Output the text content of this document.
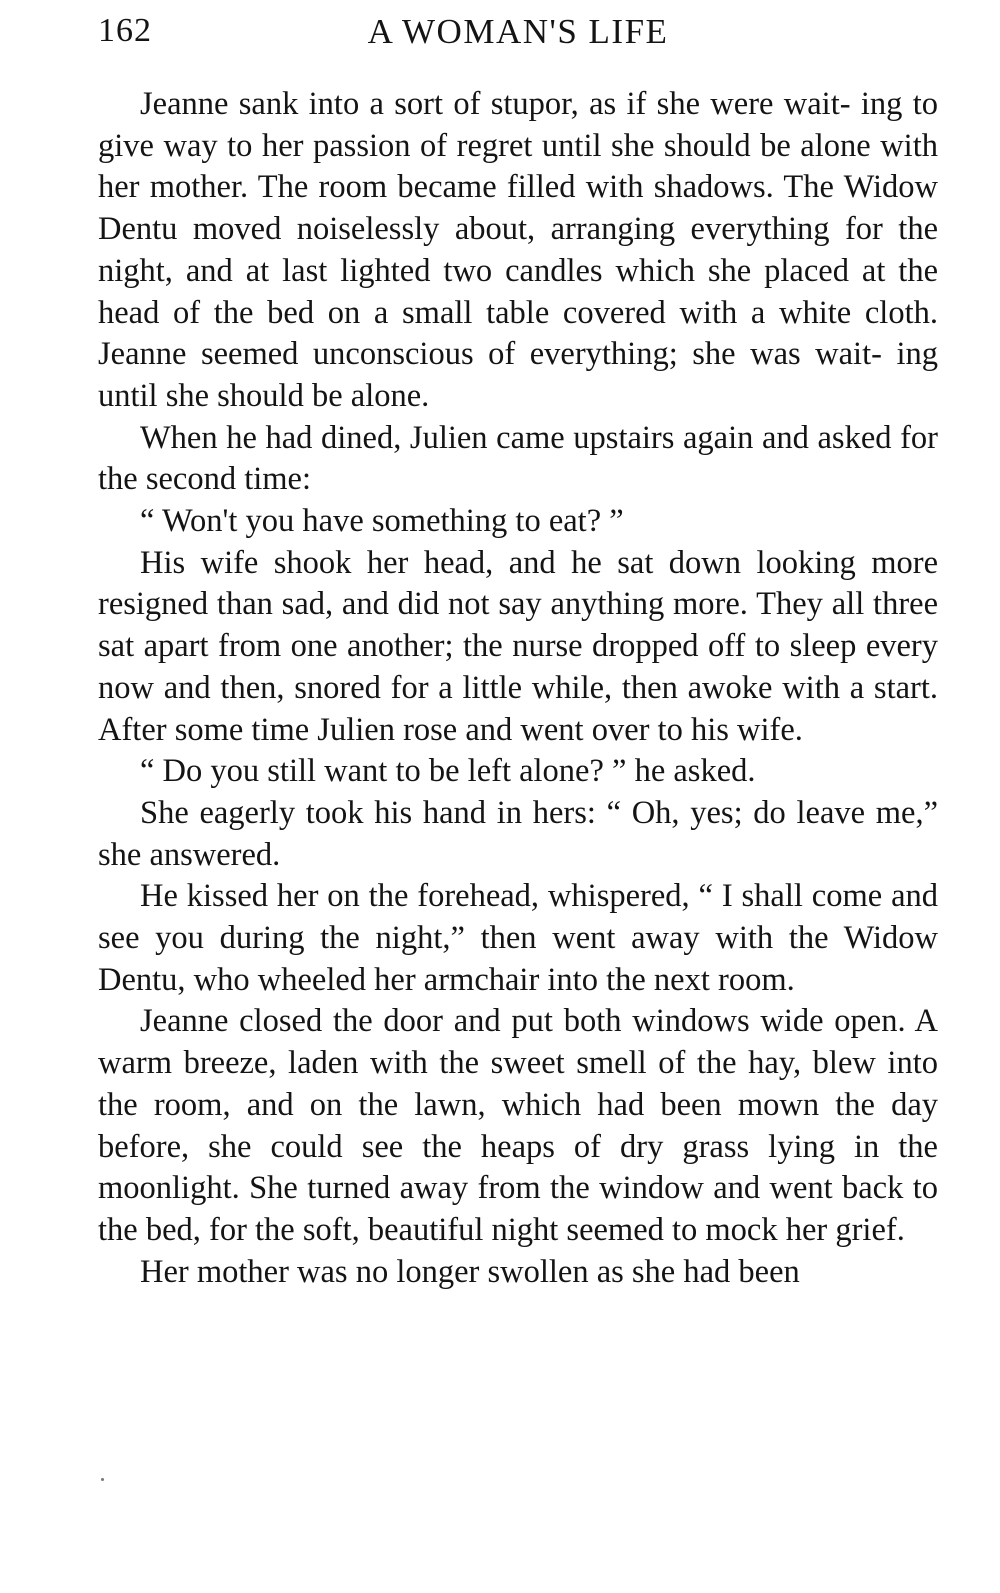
162	A WOMAN'S LIFE

Jeanne sank into a sort of stupor, as if she were wait- ing to give way to her passion of regret until she should be alone with her mother. The room became filled with shadows. The Widow Dentu moved noiselessly about, arranging everything for the night, and at last lighted two candles which she placed at the head of the bed on a small table covered with a white cloth. Jeanne seemed unconscious of everything; she was wait- ing until she should be alone.

When he had dined, Julien came upstairs again and asked for the second time:

“ Won't you have something to eat? ”

His wife shook her head, and he sat down looking more resigned than sad, and did not say anything more. They all three sat apart from one another; the nurse dropped off to sleep every now and then, snored for a little while, then awoke with a start. After some time Julien rose and went over to his wife.

“ Do you still want to be left alone? ” he asked.

She eagerly took his hand in hers: “ Oh, yes; do leave me,” she answered.

He kissed her on the forehead, whispered, “ I shall come and see you during the night,” then went away with the Widow Dentu, who wheeled her armchair into the next room.

Jeanne closed the door and put both windows wide open. A warm breeze, laden with the sweet smell of the hay, blew into the room, and on the lawn, which had been mown the day before, she could see the heaps of dry grass lying in the moonlight. She turned away from the window and went back to the bed, for the soft, beautiful night seemed to mock her grief.

Her mother was no longer swollen as she had been
